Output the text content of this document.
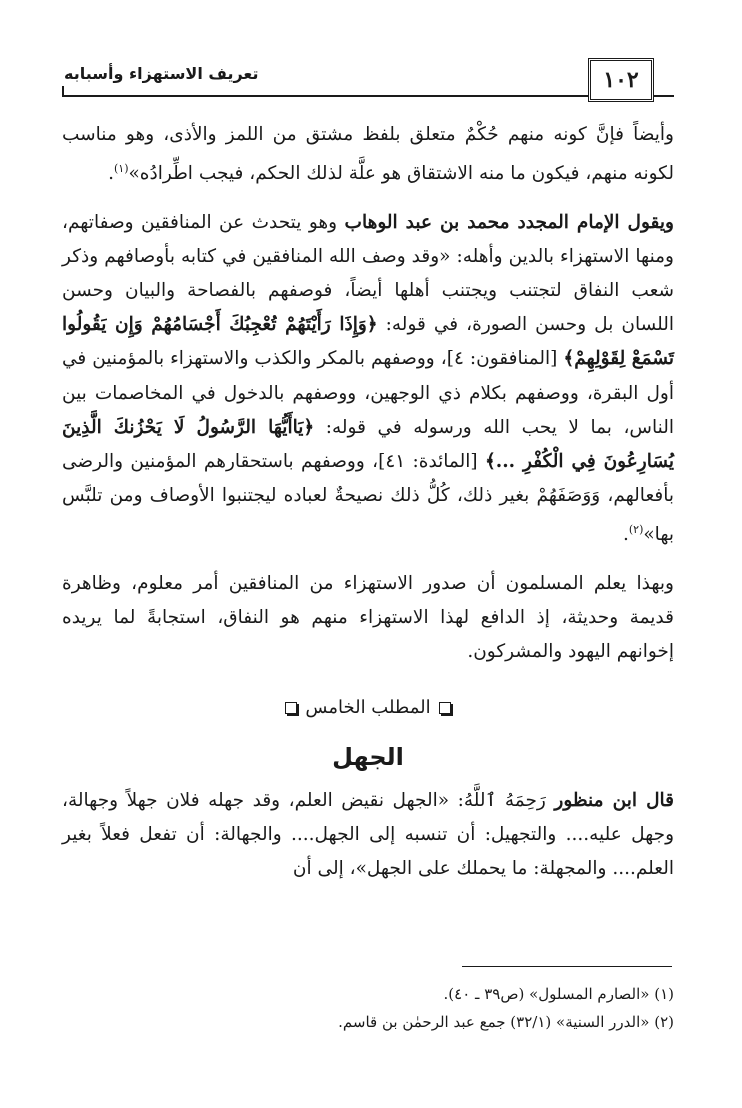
١٠٢
تعريف الاستهزاء وأسبابه

وأيضاً فإنَّ كونه منهم حُكْمٌ متعلق بلفظ مشتق من اللمز والأذى، وهو مناسب لكونه منهم، فيكون ما منه الاشتقاق هو علَّة لذلك الحكم، فيجب اطِّرادُه»$^{(١)}$.

ويقول الإمام المجدد محمد بن عبد الوهاب وهو يتحدث عن المنافقين وصفاتهم، ومنها الاستهزاء بالدين وأهله: «وقد وصف الله المنافقين في كتابه بأوصافهم وذكر شعب النفاق لتجتنب ويجتنب أهلها أيضاً، فوصفهم بالفصاحة والبيان وحسن اللسان بل وحسن الصورة، في قوله: ﴿وَإِذَا رَأَيْتَهُمْ تُعْجِبُكَ أَجْسَامُهُمْ وَإِن يَقُولُوا تَسْمَعْ لِقَوْلِهِمْ﴾ [المنافقون: ٤]، ووصفهم بالمكر والكذب والاستهزاء بالمؤمنين في أول البقرة، ووصفهم بكلام ذي الوجهين، ووصفهم بالدخول في المخاصمات بين الناس، بما لا يحب الله ورسوله في قوله: ﴿يَاأَيُّهَا الرَّسُولُ لَا يَحْزُنكَ الَّذِينَ يُسَارِعُونَ فِي الْكُفْرِ ...﴾ [المائدة: ٤١]، ووصفهم باستحقارهم المؤمنين والرضى بأفعالهم، وَوَصَفَهُمْ بغير ذلك، كُلُّ ذلك نصيحةٌ لعباده ليجتنبوا الأوصاف ومن تلبَّس بها»$^{(٢)}$.

وبهذا يعلم المسلمون أن صدور الاستهزاء من المنافقين أمر معلوم، وظاهرة قديمة وحديثة، إذ الدافع لهذا الاستهزاء منهم هو النفاق، استجابةً لما يريده إخوانهم اليهود والمشركون.

المطلب الخامس
الجهل

قال ابن منظور رَحِمَهُ ٱللَّهُ: «الجهل نقيض العلم، وقد جهله فلان جهلاً وجهالة، وجهل عليه.... والتجهيل: أن تنسبه إلى الجهل.... والجهالة: أن تفعل فعلاً بغير العلم.... والمجهلة: ما يحملك على الجهل»، إلى أن

(١) «الصارم المسلول» (ص٣٩ ـ ٤٠).
(٢) «الدرر السنية» (٣٢/١) جمع عبد الرحمٰن بن قاسم.
